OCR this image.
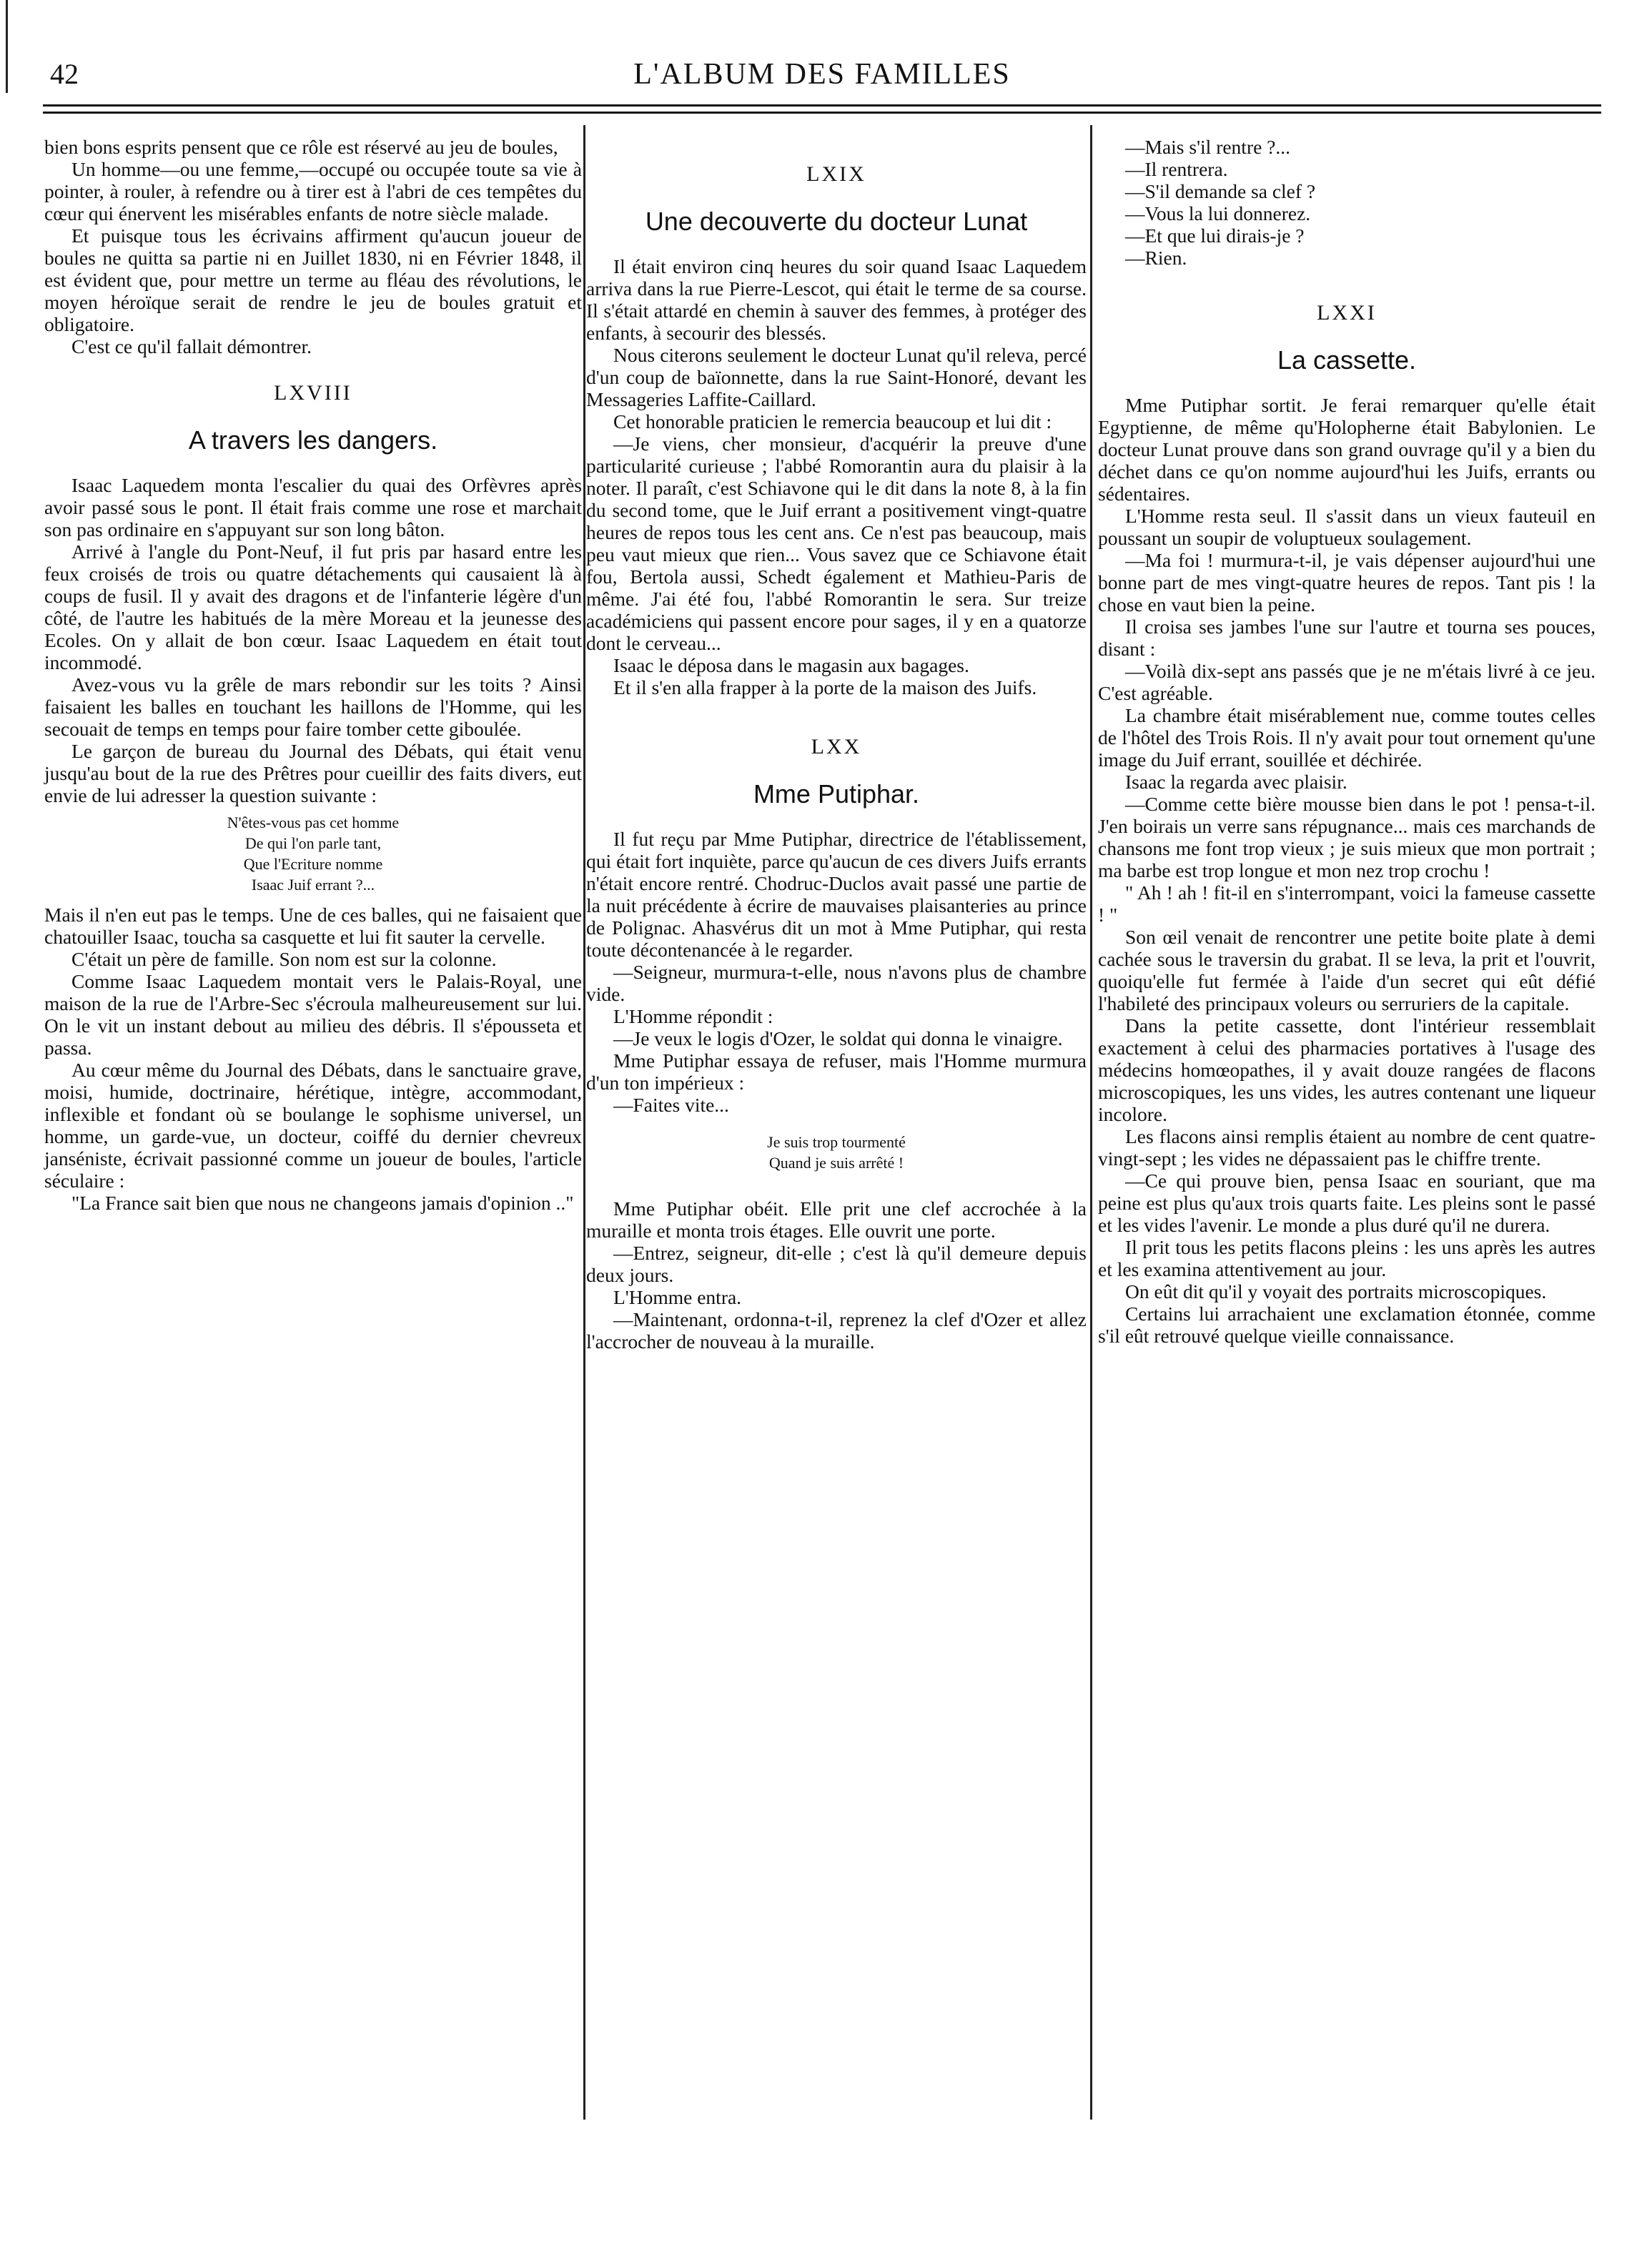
42	L'ALBUM DES FAMILLES

bien bons esprits pensent que ce rôle est réservé au jeu de boules,

Un homme—ou une femme,—occupé ou occupée toute sa vie à pointer, à rouler, à refendre ou à tirer est à l'abri de ces tempêtes du cœur qui énervent les misérables enfants de notre siècle malade.

Et puisque tous les écrivains affirment qu'aucun joueur de boules ne quitta sa partie ni en Juillet 1830, ni en Février 1848, il est évident que, pour mettre un terme au fléau des révolutions, le moyen héroïque serait de rendre le jeu de boules gratuit et obligatoire.

C'est ce qu'il fallait démontrer.

LXVIII
A travers les dangers.

Isaac Laquedem monta l'escalier du quai des Orfèvres après avoir passé sous le pont. Il était frais comme une rose et marchait son pas ordinaire en s'appuyant sur son long bâton.

Arrivé à l'angle du Pont-Neuf, il fut pris par hasard entre les feux croisés de trois ou quatre détachements qui causaient là à coups de fusil. Il y avait des dragons et de l'infanterie légère d'un côté, de l'autre les habitués de la mère Moreau et la jeunesse des Ecoles. On y allait de bon cœur. Isaac Laquedem en était tout incommodé.

Avez-vous vu la grêle de mars rebondir sur les toits ? Ainsi faisaient les balles en touchant les haillons de l'Homme, qui les secouait de temps en temps pour faire tomber cette giboulée.

Le garçon de bureau du Journal des Débats, qui était venu jusqu'au bout de la rue des Prêtres pour cueillir des faits divers, eut envie de lui adresser la question suivante :

N'êtes-vous pas cet homme
De qui l'on parle tant,
Que l'Ecriture nomme
Isaac Juif errant ?...

Mais il n'en eut pas le temps. Une de ces balles, qui ne faisaient que chatouiller Isaac, toucha sa casquette et lui fit sauter la cervelle.

C'était un père de famille. Son nom est sur la colonne.

Comme Isaac Laquedem montait vers le Palais-Royal, une maison de la rue de l'Arbre-Sec s'écroula malheureusement sur lui. On le vit un instant debout au milieu des débris. Il s'épousseta et passa.

Au cœur même du Journal des Débats, dans le sanctuaire grave, moisi, humide, doctrinaire, hérétique, intègre, accommodant, inflexible et fondant où se boulange le sophisme universel, un homme, un garde-vue, un docteur, coiffé du dernier chevreux janséniste, écrivait passionné comme un joueur de boules, l'article séculaire :

"La France sait bien que nous ne changeons jamais d'opinion .."

LXIX
Une decouverte du docteur Lunat

Il était environ cinq heures du soir quand Isaac Laquedem arriva dans la rue Pierre-Lescot, qui était le terme de sa course. Il s'était attardé en chemin à sauver des femmes, à protéger des enfants, à secourir des blessés.

Nous citerons seulement le docteur Lunat qu'il releva, percé d'un coup de baïonnette, dans la rue Saint-Honoré, devant les Messageries Laffite-Caillard.

Cet honorable praticien le remercia beaucoup et lui dit :

—Je viens, cher monsieur, d'acquérir la preuve d'une particularité curieuse ; l'abbé Romorantin aura du plaisir à la noter. Il paraît, c'est Schiavone qui le dit dans la note 8, à la fin du second tome, que le Juif errant a positivement vingt-quatre heures de repos tous les cent ans. Ce n'est pas beaucoup, mais peu vaut mieux que rien... Vous savez que ce Schiavone était fou, Bertola aussi, Schedt également et Mathieu-Paris de même. J'ai été fou, l'abbé Romorantin le sera. Sur treize académiciens qui passent encore pour sages, il y en a quatorze dont le cerveau...

Isaac le déposa dans le magasin aux bagages.

Et il s'en alla frapper à la porte de la maison des Juifs.

LXX
Mme Putiphar.

Il fut reçu par Mme Putiphar, directrice de l'établissement, qui était fort inquiète, parce qu'aucun de ces divers Juifs errants n'était encore rentré. Chodruc-Duclos avait passé une partie de la nuit précédente à écrire de mauvaises plaisanteries au prince de Polignac. Ahasvérus dit un mot à Mme Putiphar, qui resta toute décontenancée à le regarder.

—Seigneur, murmura-t-elle, nous n'avons plus de chambre vide.

L'Homme répondit :

—Je veux le logis d'Ozer, le soldat qui donna le vinaigre.

Mme Putiphar essaya de refuser, mais l'Homme murmura d'un ton impérieux :

—Faites vite...

Je suis trop tourmenté
Quand je suis arrêté !

Mme Putiphar obéit. Elle prit une clef accrochée à la muraille et monta trois étages. Elle ouvrit une porte.

—Entrez, seigneur, dit-elle ; c'est là qu'il demeure depuis deux jours.

L'Homme entra.

—Maintenant, ordonna-t-il, reprenez la clef d'Ozer et allez l'accrocher de nouveau à la muraille.

—Mais s'il rentre ?...

—Il rentrera.

—S'il demande sa clef ?

—Vous la lui donnerez.

—Et que lui dirais-je ?

—Rien.

LXXI
La cassette.

Mme Putiphar sortit. Je ferai remarquer qu'elle était Egyptienne, de même qu'Holopherne était Babylonien. Le docteur Lunat prouve dans son grand ouvrage qu'il y a bien du déchet dans ce qu'on nomme aujourd'hui les Juifs, errants ou sédentaires.

L'Homme resta seul. Il s'assit dans un vieux fauteuil en poussant un soupir de voluptueux soulagement.

—Ma foi ! murmura-t-il, je vais dépenser aujourd'hui une bonne part de mes vingt-quatre heures de repos. Tant pis ! la chose en vaut bien la peine.

Il croisa ses jambes l'une sur l'autre et tourna ses pouces, disant :

—Voilà dix-sept ans passés que je ne m'étais livré à ce jeu. C'est agréable.

La chambre était misérablement nue, comme toutes celles de l'hôtel des Trois Rois. Il n'y avait pour tout ornement qu'une image du Juif errant, souillée et déchirée.

Isaac la regarda avec plaisir.

—Comme cette bière mousse bien dans le pot ! pensa-t-il. J'en boirais un verre sans répugnance... mais ces marchands de chansons me font trop vieux ; je suis mieux que mon portrait ; ma barbe est trop longue et mon nez trop crochu !

" Ah ! ah ! fit-il en s'interrompant, voici la fameuse cassette ! "

Son œil venait de rencontrer une petite boite plate à demi cachée sous le traversin du grabat. Il se leva, la prit et l'ouvrit, quoiqu'elle fut fermée à l'aide d'un secret qui eût défié l'habileté des principaux voleurs ou serruriers de la capitale.

Dans la petite cassette, dont l'intérieur ressemblait exactement à celui des pharmacies portatives à l'usage des médecins homœopathes, il y avait douze rangées de flacons microscopiques, les uns vides, les autres contenant une liqueur incolore.

Les flacons ainsi remplis étaient au nombre de cent quatre-vingt-sept ; les vides ne dépassaient pas le chiffre trente.

—Ce qui prouve bien, pensa Isaac en souriant, que ma peine est plus qu'aux trois quarts faite. Les pleins sont le passé et les vides l'avenir. Le monde a plus duré qu'il ne durera.

Il prit tous les petits flacons pleins : les uns après les autres et les examina attentivement au jour.

On eût dit qu'il y voyait des portraits microscopiques.

Certains lui arrachaient une exclamation étonnée, comme s'il eût retrouvé quelque vieille connaissance.
